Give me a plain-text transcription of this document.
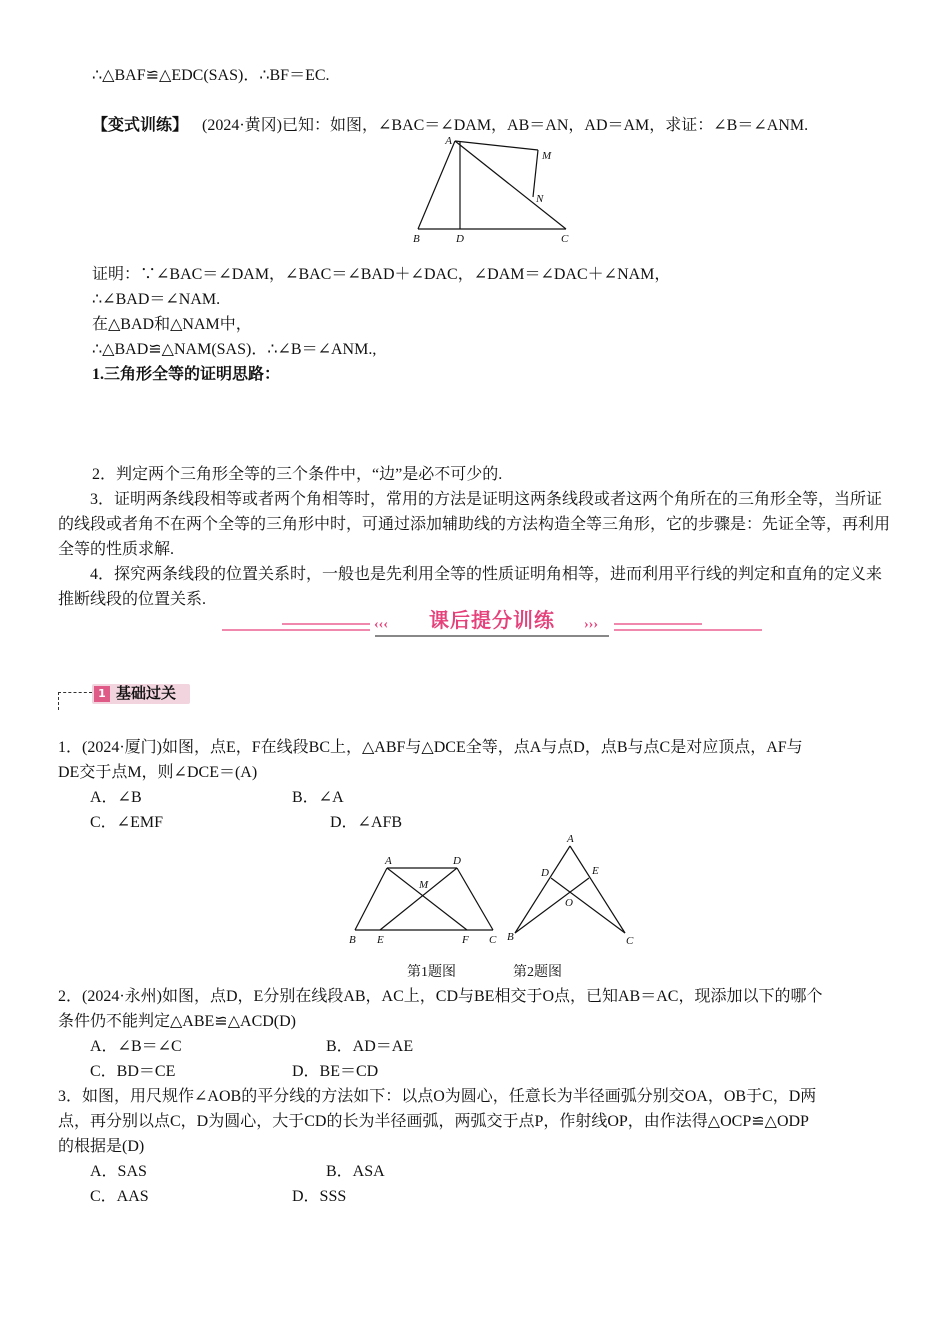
∴△BAF≌△EDC(SAS)．∴BF＝EC.
【变式训练】 (2024·黄冈)已知：如图，∠BAC＝∠DAM，AB＝AN，AD＝AM，求证：∠B＝∠ANM.
A
M
N
B	D	C
证明：∵∠BAC＝∠DAM，∠BAC＝∠BAD＋∠DAC，∠DAM＝∠DAC＋∠NAM，
∴∠BAD＝∠NAM.
在△BAD和△NAM中，
∴△BAD≌△NAM(SAS)．∴∠B＝∠ANM.,
1.三角形全等的证明思路：
2．判定两个三角形全等的三个条件中，“边”是必不可少的.
3．证明两条线段相等或者两个角相等时，常用的方法是证明这两条线段或者这两个角所在的三角形全等，当所证的线段或者角不在两个全等的三角形中时，可通过添加辅助线的方法构造全等三角形，它的步骤是：先证全等，再利用全等的性质求解.
4．探究两条线段的位置关系时，一般也是先利用全等的性质证明角相等，进而利用平行线的判定和直角的定义来推断线段的位置关系.
‹‹‹	›››
课后提分训练
1 基础过关
1．(2024·厦门)如图，点E，F在线段BC上，△ABF与△DCE全等，点A与点D，点B与点C是对应顶点，AF与
DE交于点M，则∠DCE＝(A)
A．∠B	B．∠A
C．∠EMF	D．∠AFB
A	D
M
B E	F C
A
D	E
O
B	C
第1题图	第2题图
2．(2024·永州)如图，点D，E分别在线段AB，AC上，CD与BE相交于O点，已知AB＝AC，现添加以下的哪个
条件仍不能判定△ABE≌△ACD(D)
A．∠B＝∠C	B．AD＝AE
C．BD＝CE	D．BE＝CD
3．如图，用尺规作∠AOB的平分线的方法如下：以点O为圆心，任意长为半径画弧分别交OA，OB于C，D两
点，再分别以点C，D为圆心，大于CD的长为半径画弧，两弧交于点P，作射线OP，由作法得△OCP≌△ODP
的根据是(D)
A．SAS	B．ASA
C．AAS	D．SSS
